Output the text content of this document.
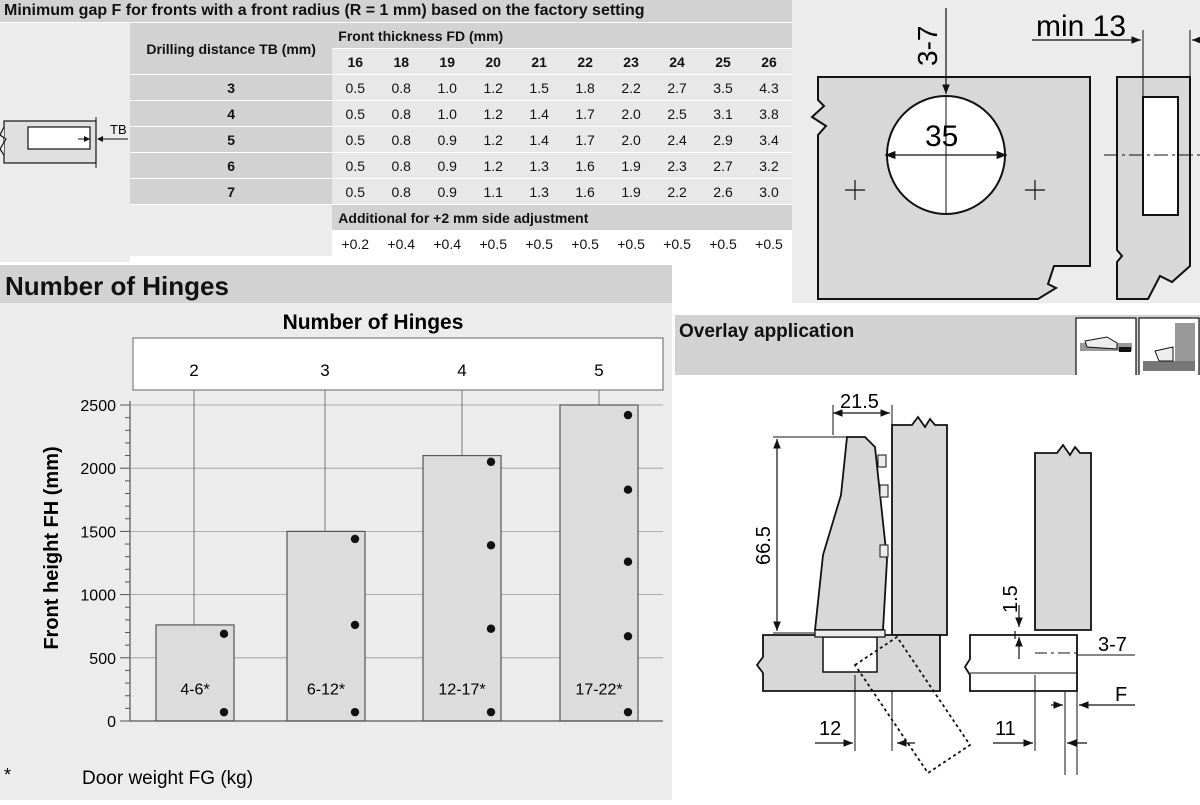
Minimum gap F for fronts with a front radius (R = 1 mm) based on the factory setting
TB
Drilling distance TB (mm)	Front thickness FD (mm)									
	16	18	19	20	21	22	23	24	25	26
3	0.5	0.8	1.0	1.2	1.5	1.8	2.2	2.7	3.5	4.3
4	0.5	0.8	1.0	1.2	1.4	1.7	2.0	2.5	3.1	3.8
5	0.5	0.8	0.9	1.2	1.4	1.7	2.0	2.4	2.9	3.4
6	0.5	0.8	0.9	1.2	1.3	1.6	1.9	2.3	2.7	3.2
7	0.5	0.8	0.9	1.1	1.3	1.6	1.9	2.2	2.6	3.0
	Additional for +2 mm side adjustment									
	+0.2	+0.4	+0.4	+0.5	+0.5	+0.5	+0.5	+0.5	+0.5	+0.5
35
3-7	min 13
Number of Hinges
Number of Hinges
Front height FH (mm)
0
500
1000
1500
2000
2500
2
4-6*
3
6-12*
4
12-17*
5
17-22*
*	Door weight FG (kg)
Overlay application
21.5
66.5
12
1.5
3-7
F
11
